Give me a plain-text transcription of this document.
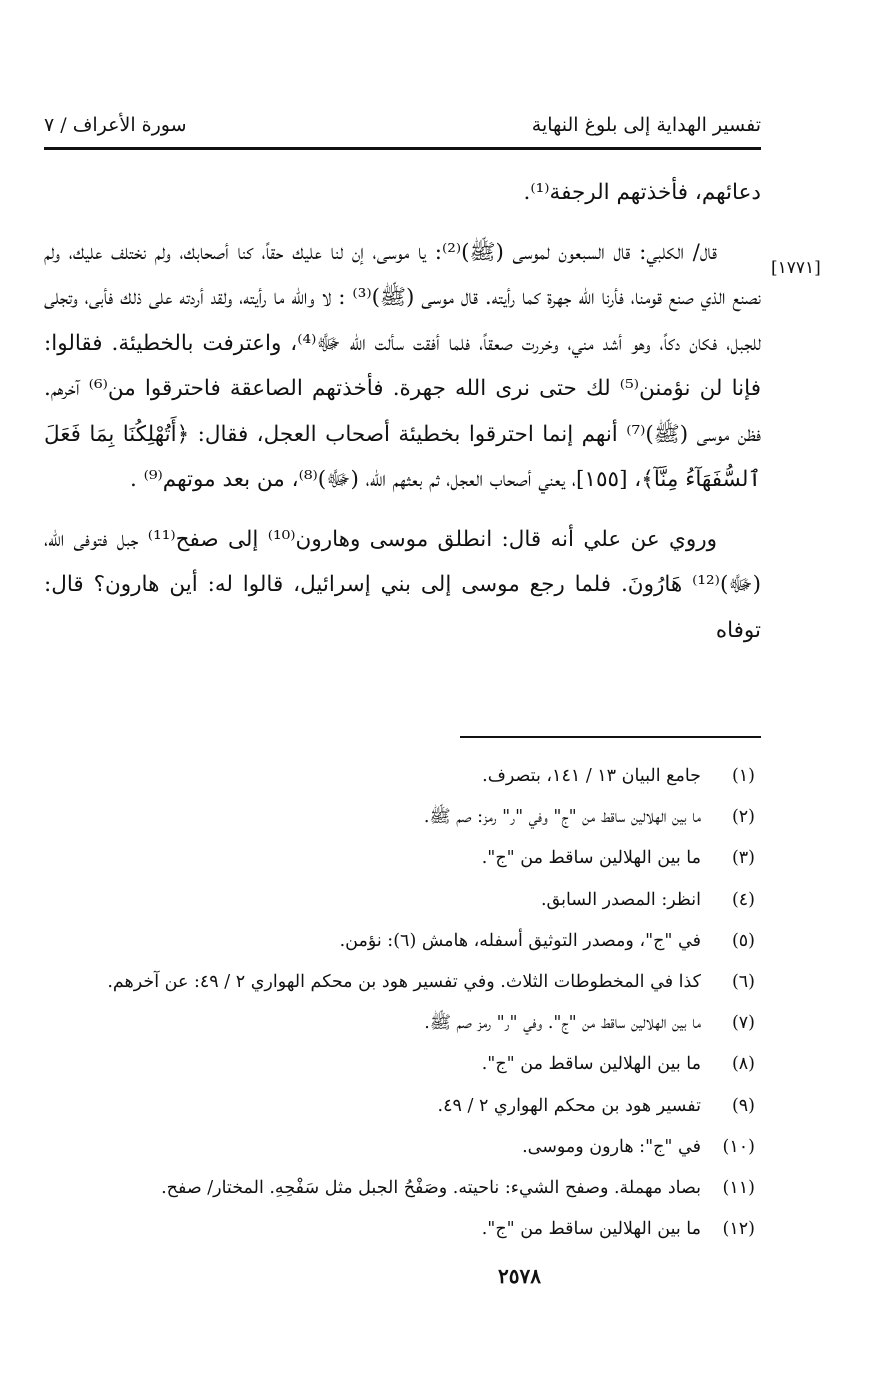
تفسير الهداية إلى بلوغ النهاية
سورة الأعراف / ٧
[١٧٧١]

دعائهم، فأخذتهم الرجفة⁽¹⁾.

قال/ الكلبي: قال السبعون لموسى (ﷺ)⁽²⁾: يا موسى، إن لنا عليك حقاً، كنا أصحابك، ولم نختلف عليك، ولم نصنع الذي صنع قومنا، فأرنا الله جهرة كما رأيته. قال موسى (ﷺ)⁽³⁾ : لا والله ما رأيته، ولقد أردته على ذلك فأبى، وتجلى للجبل، فكان دكاً، وهو أشد مني، وخررت صعقاً، فلما أفقت سألت الله ﷻ⁽⁴⁾، واعترفت بالخطيئة. فقالوا: فإنا لن نؤمنن⁽⁵⁾ لك حتى نرى الله جهرة. فأخذتهم الصاعقة فاحترقوا من⁽⁶⁾ آخرهم. فظن موسى (ﷺ)⁽⁷⁾ أنهم إنما احترقوا بخطيئة أصحاب العجل، فقال: ﴿أَتُهْلِكُنَا بِمَا فَعَلَ ٱلسُّفَهَآءُ مِنَّآ﴾، [١٥٥]، يعني أصحاب العجل، ثم بعثهم الله، (ﷻ)⁽⁸⁾، من بعد موتهم⁽⁹⁾ .

وروي عن علي أنه قال: انطلق موسى وهارون⁽¹⁰⁾ إلى صفح⁽¹¹⁾ جبل فتوفى الله، (ﷻ)⁽¹²⁾ هَارُونَ. فلما رجع موسى إلى بني إسرائيل، قالوا له: أين هارون؟ قال: توفاه

(١)جامع البيان ١٣ / ١٤١، بتصرف.
(٢)ما بين الهلالين ساقط من "ج" وفي "ر" رمز: صم ﷺ.
(٣)ما بين الهلالين ساقط من "ج".
(٤)انظر: المصدر السابق.
(٥)في "ج"، ومصدر التوثيق أسفله، هامش (٦): نؤمن.
(٦)كذا في المخطوطات الثلاث. وفي تفسير هود بن محكم الهواري ٢ / ٤٩: عن آخرهم.
(٧)ما بين الهلالين ساقط من "ج". وفي "ر" رمز صم ﷺ.
(٨)ما بين الهلالين ساقط من "ج".
(٩)تفسير هود بن محكم الهواري ٢ / ٤٩.
(١٠)في "ج": هارون وموسى.
(١١)بصاد مهملة. وصفح الشيء: ناحيته. وصَفْحُ الجبل مثل سَفْحِهِ. المختار/ صفح.
(١٢)ما بين الهلالين ساقط من "ج".
٢٥٧٨
